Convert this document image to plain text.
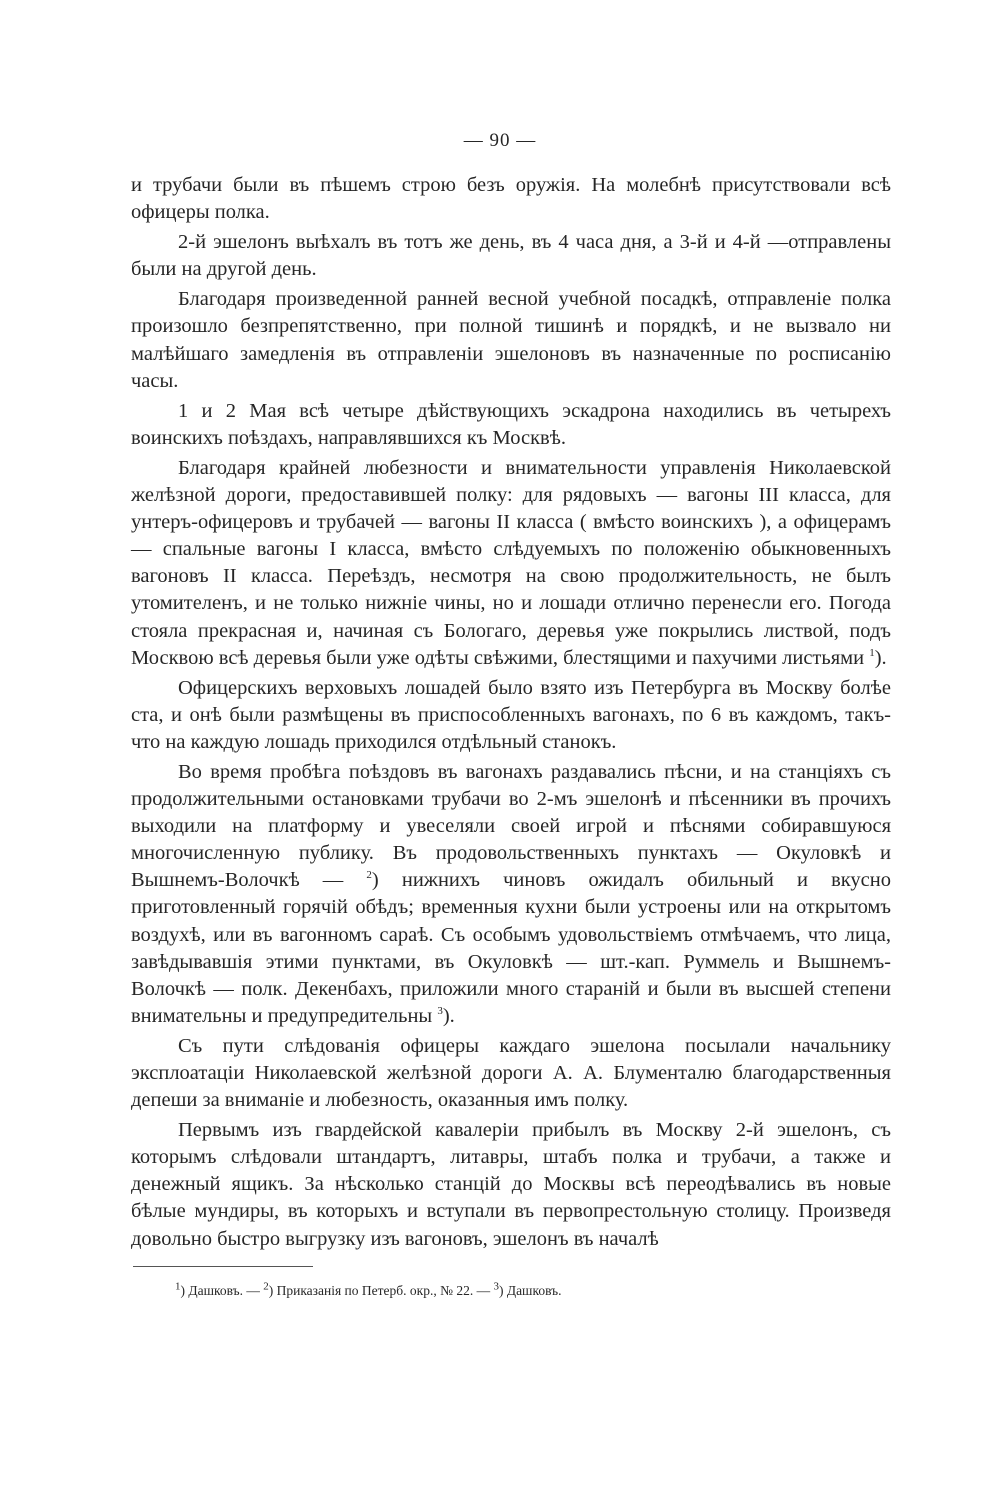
— 90 —

и трубачи были въ пѣшемъ строю безъ оружія. На молебнѣ присутствовали всѣ офицеры полка.

2-й эшелонъ выѣхалъ въ тотъ же день, въ 4 часа дня, а 3-й и 4-й —отправлены были на другой день.

Благодаря произведенной ранней весной учебной посадкѣ, отправленіе полка произошло безпрепятственно, при полной тишинѣ и порядкѣ, и не вызвало ни малѣйшаго замедленія въ отправленіи эшелоновъ въ назначенные по росписанію часы.

1 и 2 Мая всѣ четыре дѣйствующихъ эскадрона находились въ четырехъ воинскихъ поѣздахъ, направлявшихся къ Москвѣ.

Благодаря крайней любезности и внимательности управленія Николаевской желѣзной дороги, предоставившей полку: для рядовыхъ — вагоны III класса, для унтеръ-офицеровъ и трубачей — вагоны II класса ( вмѣсто воинскихъ ), а офицерамъ — спальные вагоны I класса, вмѣсто слѣдуемыхъ по положенію обыкновенныхъ вагоновъ II класса. Переѣздъ, несмотря на свою продолжительность, не былъ утомителенъ, и не только нижніе чины, но и лошади отлично перенесли его. Погода стояла прекрасная и, начиная съ Бологаго, деревья уже покрылись листвой, подъ Москвою всѣ деревья были уже одѣты свѣжими, блестящими и пахучими листьями $^1$).

Офицерскихъ верховыхъ лошадей было взято изъ Петербурга въ Москву болѣе ста, и онѣ были размѣщены въ приспособленныхъ вагонахъ, по 6 въ каждомъ, такъ-что на каждую лошадь приходился отдѣльный станокъ.

Во время пробѣга поѣздовъ въ вагонахъ раздавались пѣсни, и на станціяхъ съ продолжительными остановками трубачи во 2-мъ эшелонѣ и пѣсенники въ прочихъ выходили на платформу и увеселяли своей игрой и пѣснями собиравшуюся многочисленную публику. Въ продовольственныхъ пунктахъ — Окуловкѣ и Вышнемъ-Волочкѣ — $^2$) нижнихъ чиновъ ожидалъ обильный и вкусно приготовленный горячій обѣдъ; временныя кухни были устроены или на открытомъ воздухѣ, или въ вагонномъ сараѣ. Съ особымъ удовольствіемъ отмѣчаемъ, что лица, завѣдывавшія этими пунктами, въ Окуловкѣ — шт.-кап. Руммель и Вышнемъ-Волочкѣ — полк. Декенбахъ, приложили много стараній и были въ высшей степени внимательны и предупредительны $^3$).

Съ пути слѣдованія офицеры каждаго эшелона посылали начальнику эксплоатаціи Николаевской желѣзной дороги А. А. Блументалю благодарственныя депеши за вниманіе и любезность, оказанныя имъ полку.

Первымъ изъ гвардейской кавалеріи прибылъ въ Москву 2-й эшелонъ, съ которымъ слѣдовали штандартъ, литавры, штабъ полка и трубачи, а также и денежный ящикъ. За нѣсколько станцій до Москвы всѣ переодѣвались въ новые бѣлые мундиры, въ которыхъ и вступали въ первопрестольную столицу. Произведя довольно быстро выгрузку изъ вагоновъ, эшелонъ въ началѣ

$^1$) Дашковъ. — $^2$) Приказанія по Петерб. окр., № 22. — $^3$) Дашковъ.
